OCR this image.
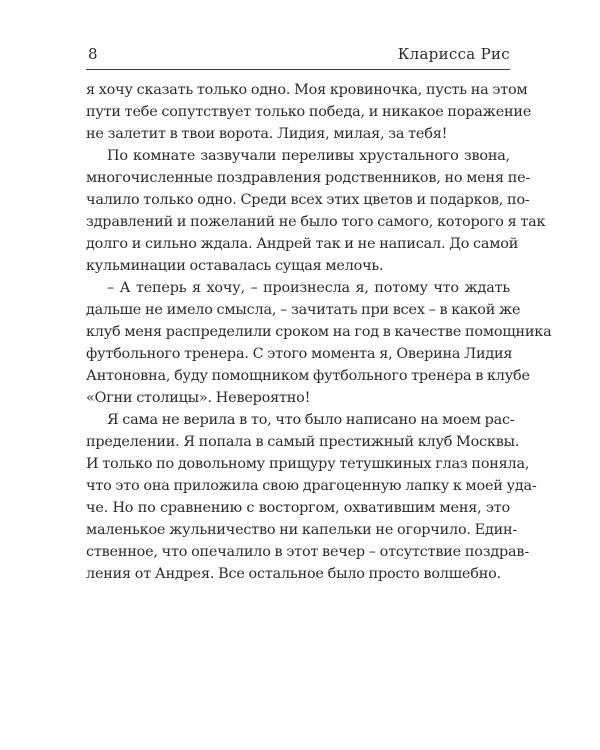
8	Кларисса Рис
я хочу сказать только одно. Моя кровиночка, пусть на этом
пути тебе сопутствует только победа, и никакое поражение
не залетит в твои ворота. Лидия, милая, за тебя!
По комнате зазвучали переливы хрустального звона,
многочисленные поздравления родственников, но меня пе-
чалило только одно. Среди всех этих цветов и подарков, по-
здравлений и пожеланий не было того самого, которого я так
долго и сильно ждала. Андрей так и не написал. До самой
кульминации оставалась сущая мелочь.
– А теперь я хочу, – произнесла я, потому что ждать
дальше не имело смысла, – зачитать при всех – в какой же
клуб меня распределили сроком на год в качестве помощника
футбольного тренера. С этого момента я, Оверина Лидия
Антоновна, буду помощником футбольного тренера в клубе
«Огни столицы». Невероятно!
Я сама не верила в то, что было написано на моем рас-
пределении. Я попала в самый престижный клуб Москвы.
И только по довольному прищуру тетушкиных глаз поняла,
что это она приложила свою драгоценную лапку к моей уда-
че. Но по сравнению с восторгом, охватившим меня, это
маленькое жульничество ни капельки не огорчило. Един-
ственное, что опечалило в этот вечер – отсутствие поздрав-
ления от Андрея. Все остальное было просто волшебно.
